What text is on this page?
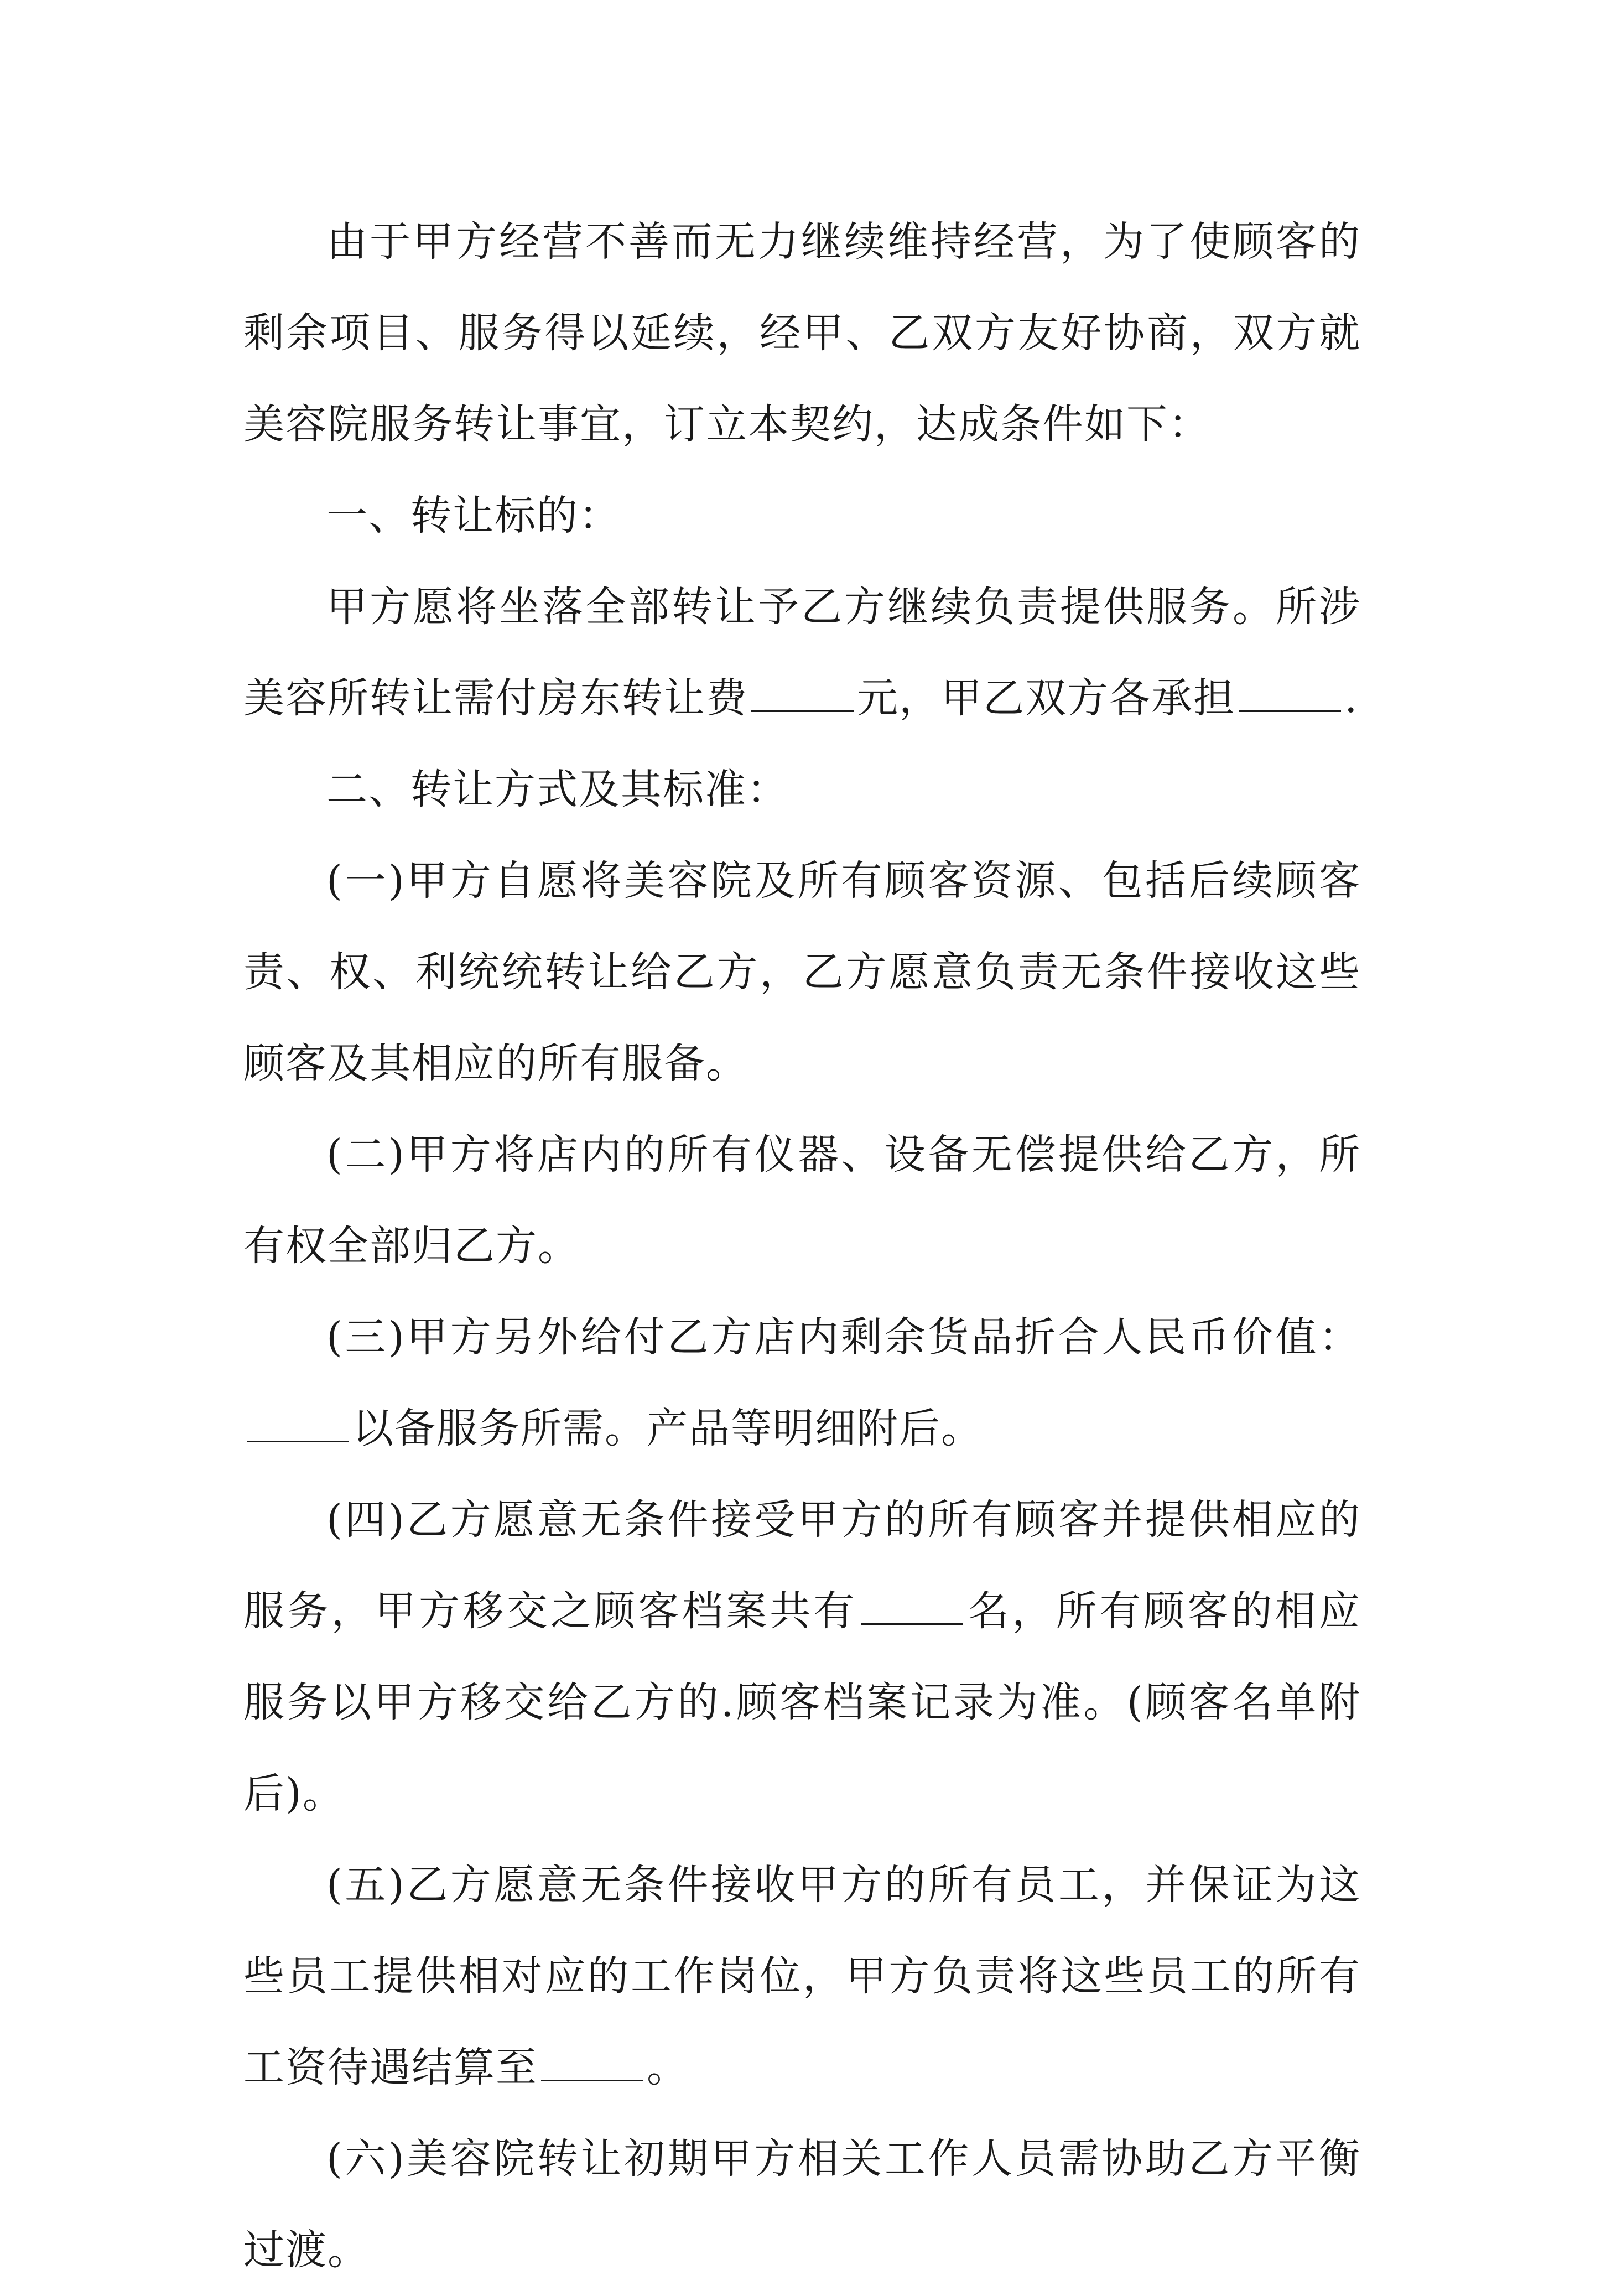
由于甲方经营不善而无力继续维持经营，为了使顾客的剩余项目、服务得以延续，经甲、乙双方友好协商，双方就美容院服务转让事宜，订立本契约，达成条件如下：

一、转让标的：

甲方愿将坐落全部转让予乙方继续负责提供服务。所涉美容所转让需付房东转让费	元，甲乙双方各承担	.

二、转让方式及其标准：

(一)甲方自愿将美容院及所有顾客资源、包括后续顾客责、权、利统统转让给乙方，乙方愿意负责无条件接收这些顾客及其相应的所有服备。

(二)甲方将店内的所有仪器、设备无偿提供给乙方，所有权全部归乙方。

(三)甲方另外给付乙方店内剩余货品折合人民币价值：以备服务所需。产品等明细附后。

(四)乙方愿意无条件接受甲方的所有顾客并提供相应的服务，甲方移交之顾客档案共有	名，所有顾客的相应服务以甲方移交给乙方的.顾客档案记录为准。(顾客名单附后)。

(五)乙方愿意无条件接收甲方的所有员工，并保证为这些员工提供相对应的工作岗位，甲方负责将这些员工的所有工资待遇结算至	。

(六)美容院转让初期甲方相关工作人员需协助乙方平衡过渡。
